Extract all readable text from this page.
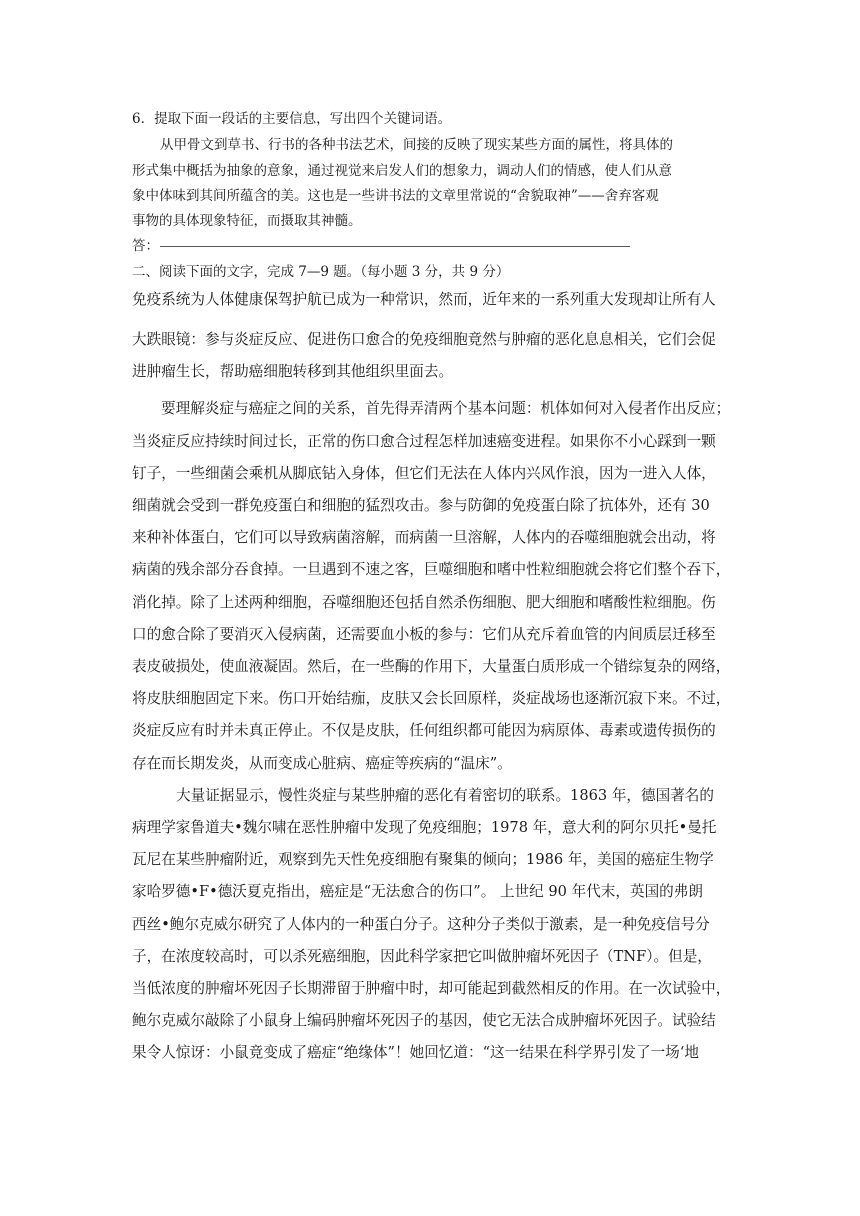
6．提取下面一段话的主要信息，写出四个关键词语。
从甲骨文到草书、行书的各种书法艺术，间接的反映了现实某些方面的属性，将具体的
形式集中概括为抽象的意象，通过视觉来启发人们的想象力，调动人们的情感，使人们从意
象中体味到其间所蕴含的美。这也是一些讲书法的文章里常说的“舍貌取神”——舍弃客观
事物的具体现象特征，而摄取其神髓。
答：
二、阅读下面的文字，完成 7—9 题。（每小题 3 分，共 9 分）
免疫系统为人体健康保驾护航已成为一种常识，然而，近年来的一系列重大发现却让所有人
大跌眼镜：参与炎症反应、促进伤口愈合的免疫细胞竟然与肿瘤的恶化息息相关，它们会促
进肿瘤生长，帮助癌细胞转移到其他组织里面去。
要理解炎症与癌症之间的关系，首先得弄清两个基本问题：机体如何对入侵者作出反应；
当炎症反应持续时间过长，正常的伤口愈合过程怎样加速癌变进程。如果你不小心踩到一颗
钉子，一些细菌会乘机从脚底钻入身体，但它们无法在人体内兴风作浪，因为一进入人体，
细菌就会受到一群免疫蛋白和细胞的猛烈攻击。参与防御的免疫蛋白除了抗体外，还有 30
来种补体蛋白，它们可以导致病菌溶解，而病菌一旦溶解，人体内的吞噬细胞就会出动，将
病菌的残余部分吞食掉。一旦遇到不速之客，巨噬细胞和嗜中性粒细胞就会将它们整个吞下，
消化掉。除了上述两种细胞，吞噬细胞还包括自然杀伤细胞、肥大细胞和嗜酸性粒细胞。伤
口的愈合除了要消灭入侵病菌，还需要血小板的参与：它们从充斥着血管的内间质层迁移至
表皮破损处，使血液凝固。然后，在一些酶的作用下，大量蛋白质形成一个错综复杂的网络，
将皮肤细胞固定下来。伤口开始结痂，皮肤又会长回原样，炎症战场也逐渐沉寂下来。不过，
炎症反应有时并未真正停止。不仅是皮肤，任何组织都可能因为病原体、毒素或遗传损伤的
存在而长期发炎，从而变成心脏病、癌症等疾病的“温床”。
大量证据显示，慢性炎症与某些肿瘤的恶化有着密切的联系。1863 年，德国著名的
病理学家鲁道夫•魏尔啸在恶性肿瘤中发现了免疫细胞；1978 年，意大利的阿尔贝托•曼托
瓦尼在某些肿瘤附近，观察到先天性免疫细胞有聚集的倾向；1986 年，美国的癌症生物学
家哈罗德•F•德沃夏克指出，癌症是“无法愈合的伤口”。 上世纪 90 年代末，英国的弗朗
西丝•鲍尔克威尔研究了人体内的一种蛋白分子。这种分子类似于激素，是一种免疫信号分
子，在浓度较高时，可以杀死癌细胞，因此科学家把它叫做肿瘤坏死因子（TNF）。但是，
当低浓度的肿瘤坏死因子长期滞留于肿瘤中时，却可能起到截然相反的作用。在一次试验中，
鲍尔克威尔敲除了小鼠身上编码肿瘤坏死因子的基因，使它无法合成肿瘤坏死因子。试验结
果令人惊讶：小鼠竟变成了癌症“绝缘体”！她回忆道：“这一结果在科学界引发了一场‘地
